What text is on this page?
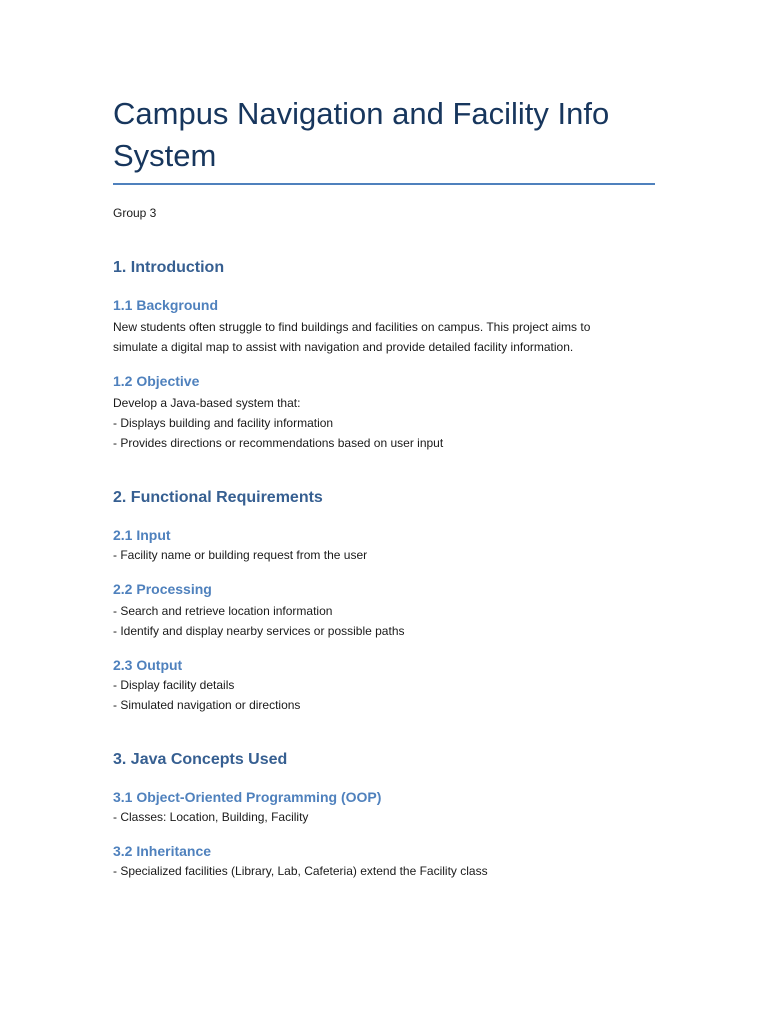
Campus Navigation and Facility Info System
Group 3
1. Introduction
1.1 Background

New students often struggle to find buildings and facilities on campus. This project aims to
simulate a digital map to assist with navigation and provide detailed facility information.

1.2 Objective

Develop a Java-based system that:
- Displays building and facility information
- Provides directions or recommendations based on user input

2. Functional Requirements
2.1 Input

- Facility name or building request from the user

2.2 Processing

- Search and retrieve location information
- Identify and display nearby services or possible paths

2.3 Output

- Display facility details
- Simulated navigation or directions

3. Java Concepts Used
3.1 Object-Oriented Programming (OOP)

- Classes: Location, Building, Facility

3.2 Inheritance

- Specialized facilities (Library, Lab, Cafeteria) extend the Facility class
